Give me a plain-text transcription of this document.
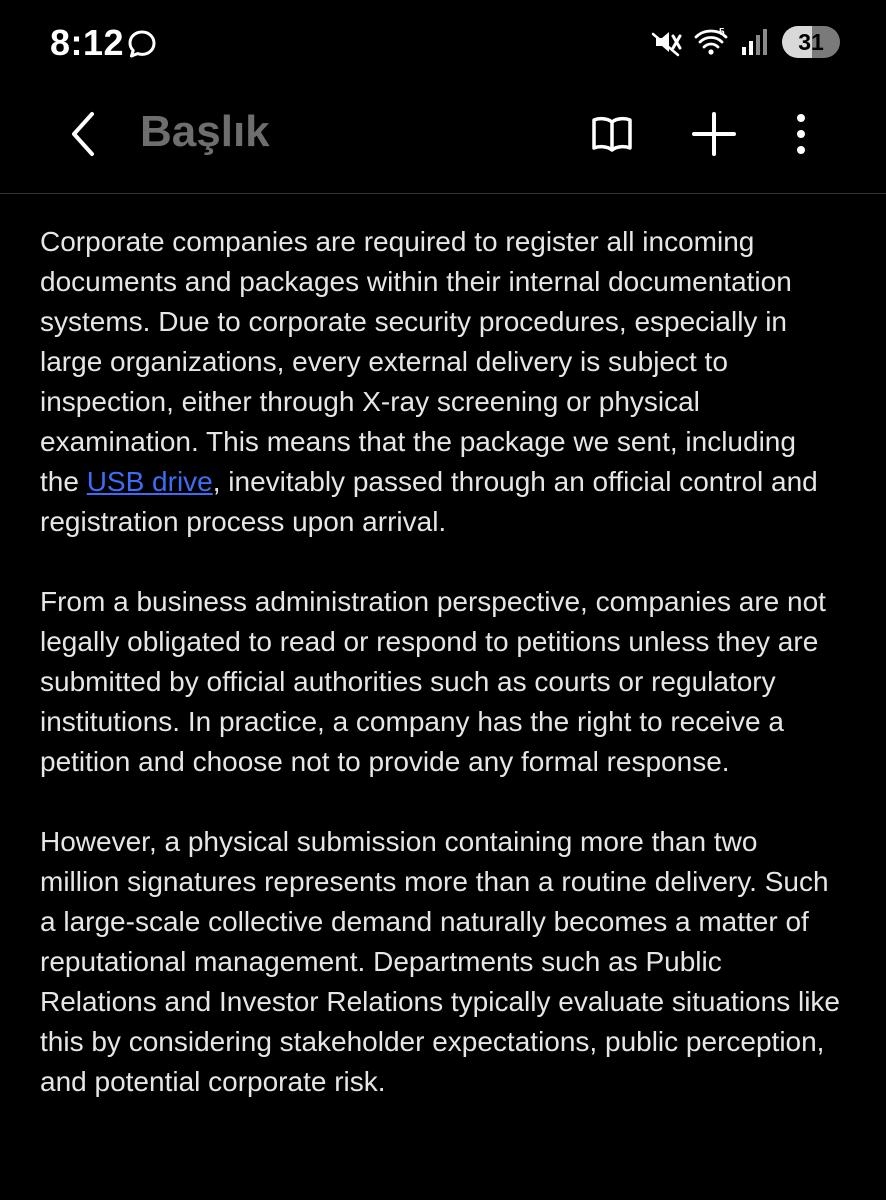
8:12	5	31
Başlık

Corporate companies are required to register all incoming documents and packages within their internal documentation systems. Due to corporate security procedures, especially in large organizations, every external delivery is subject to inspection, either through X-ray screening or physical examination. This means that the package we sent, including the USB drive, inevitably passed through an official control and registration process upon arrival.

From a business administration perspective, companies are not legally obligated to read or respond to petitions unless they are submitted by official authorities such as courts or regulatory institutions. In practice, a company has the right to receive a petition and choose not to provide any formal response.

However, a physical submission containing more than two million signatures represents more than a routine delivery. Such a large-scale collective demand naturally becomes a matter of reputational management. Departments such as Public Relations and Investor Relations typically evaluate situations like this by considering stakeholder expectations, public perception, and potential corporate risk.
